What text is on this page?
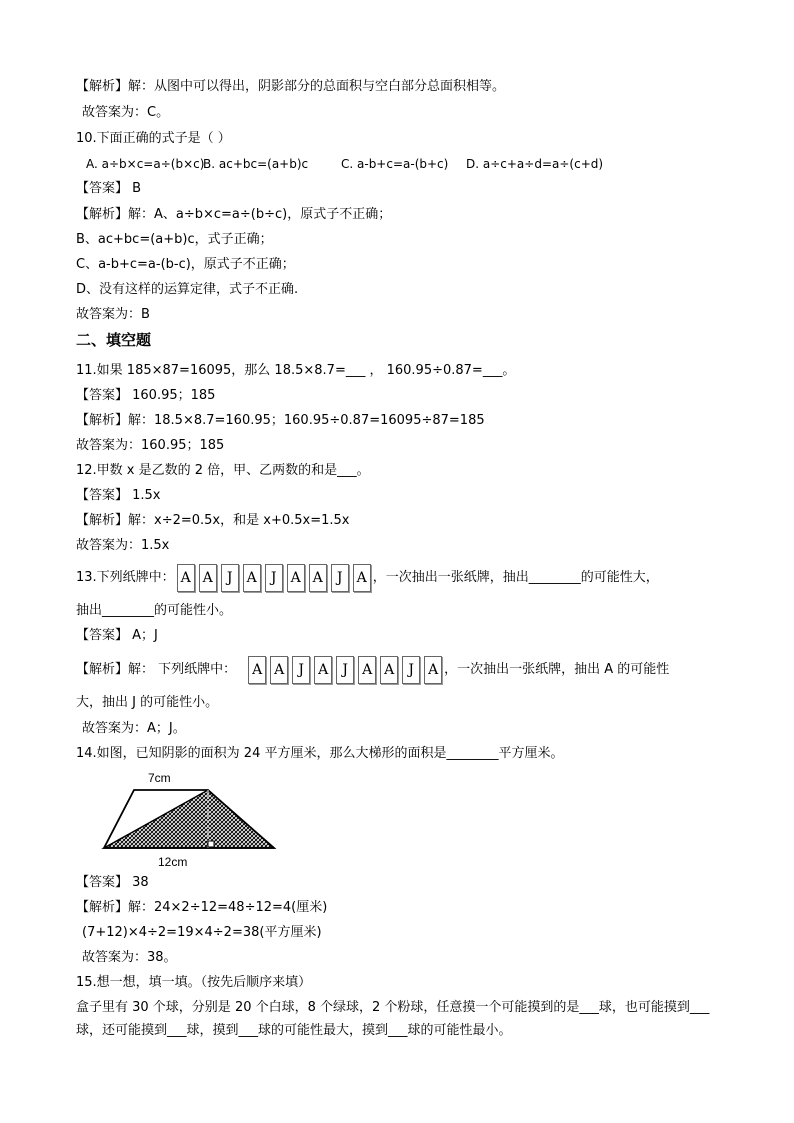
【解析】解：从图中可以得出，阴影部分的总面积与空白部分总面积相等。
故答案为：C。
10.下面正确的式子是（ ）
A. a÷b×c=a÷(b×c)
B. ac+bc=(a+b)c	C. a-b+c=a-(b+c) D. a÷c+a÷d=a÷(c+d)
【答案】 B
【解析】解：A、a÷b×c=a÷(b÷c)，原式子不正确；
B、ac+bc=(a+b)c，式子正确；
C、a-b+c=a-(b-c)，原式子不正确；
D、没有这样的运算定律，式子不正确.
故答案为：B
二、填空题
11.如果 185×87=16095，那么 18.5×8.7=___ ， 160.95÷0.87=___。
【答案】 160.95；185
【解析】解：18.5×8.7=160.95；160.95÷0.87=16095÷87=185
故答案为：160.95；185
12.甲数 x 是乙数的 2 倍，甲、乙两数的和是___。
【答案】 1.5x
【解析】解：x÷2=0.5x，和是 x+0.5x=1.5x
故答案为：1.5x
13.下列纸牌中： A A	J	A	J	A A	J	A ，一次抽出一张纸牌，抽出________的可能性大，
抽出________的可能性小。
【答案】 A；J
【解析】解： 下列纸牌中： A A	J	A	J	A A	J	A ，一次抽出一张纸牌，抽出 A 的可能性
大，抽出 J 的可能性小。
故答案为：A；J。
14.如图，已知阴影的面积为 24 平方厘米，那么大梯形的面积是________平方厘米。
7cm
12cm
【答案】 38
【解析】解：24×2÷12=48÷12=4(厘米)
(7+12)×4÷2=19×4÷2=38(平方厘米)
故答案为：38。
15.想一想，填一填。（按先后顺序来填）
盒子里有 30 个球，分别是 20 个白球，8 个绿球，2 个粉球，任意摸一个可能摸到的是___球，也可能摸到___球，还可能摸到___球，摸到___球的可能性最大，摸到___球的可能性最小。
